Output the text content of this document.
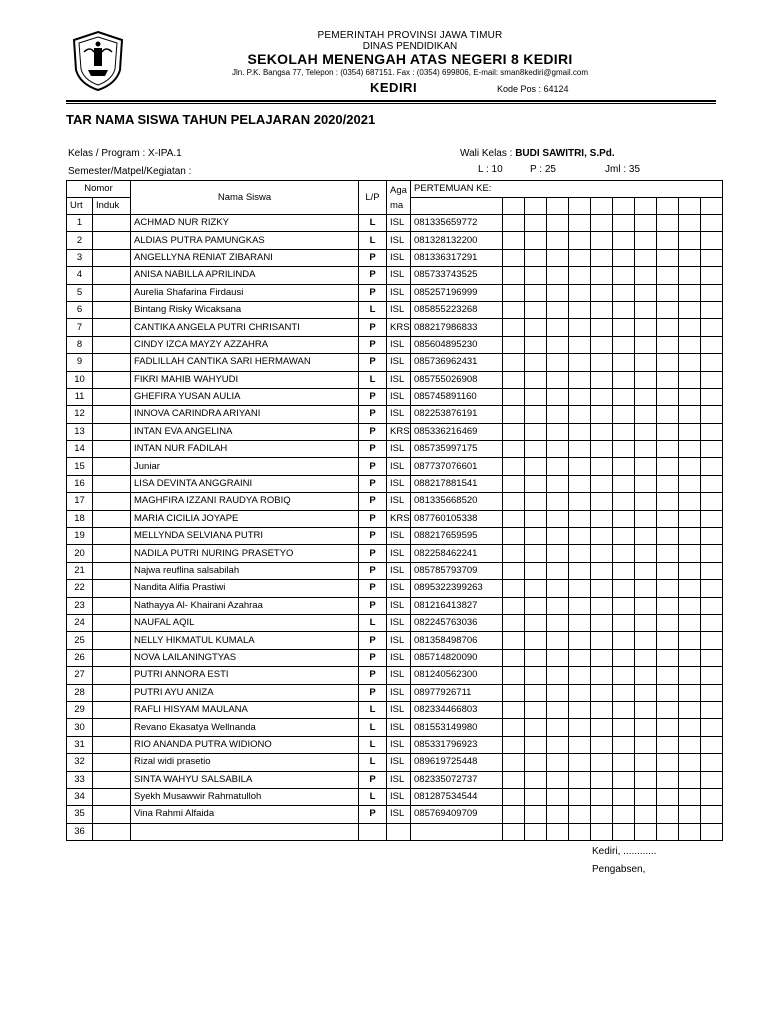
PEMERINTAH PROVINSI JAWA TIMUR
DINAS PENDIDIKAN
SEKOLAH MENENGAH ATAS NEGERI 8 KEDIRI
Jln. P.K. Bangsa 77, Telepon : (0354) 687151. Fax : (0354) 699806, E-mail: sman8kediri@gmail.com
KEDIRI	Kode Pos : 64124
TAR NAMA SISWA TAHUN PELAJARAN 2020/2021
Kelas / Program : X-IPA.1
Semester/Matpel/Kegiatan :
Wali Kelas : BUDI SAWITRI, S.Pd.
L : 10	P : 25	Jml : 35
Nomor		Nama Siswa	L/P	Aga
ma	PERTEMUAN KE:										
Urt	Induk														
1		ACHMAD NUR RIZKY	L	ISL	081335659772										
2		ALDIAS PUTRA PAMUNGKAS	L	ISL	081328132200										
3		ANGELLYNA RENIAT ZIBARANI	P	ISL	081336317291										
4		ANISA NABILLA APRILINDA	P	ISL	085733743525										
5		Aurelia Shafarina Firdausi	P	ISL	085257196999										
6		Bintang Risky Wicaksana	L	ISL	085855223268										
7		CANTIKA ANGELA PUTRI CHRISANTI	P	KRS	088217986833										
8		CINDY IZCA MAYZY AZZAHRA	P	ISL	085604895230										
9		FADLILLAH CANTIKA SARI HERMAWAN	P	ISL	085736962431										
10		FIKRI MAHIB WAHYUDI	L	ISL	085755026908										
11		GHEFIRA YUSAN AULIA	P	ISL	085745891160										
12		INNOVA CARINDRA ARIYANI	P	ISL	082253876191										
13		INTAN EVA ANGELINA	P	KRS	085336216469										
14		INTAN NUR FADILAH	P	ISL	085735997175										
15		Juniar	P	ISL	087737076601										
16		LISA DEVINTA ANGGRAINI	P	ISL	088217881541										
17		MAGHFIRA IZZANI RAUDYA ROBIQ	P	ISL	081335668520										
18		MARIA CICILIA JOYAPE	P	KRS	087760105338										
19		MELLYNDA SELVIANA PUTRI	P	ISL	088217659595										
20		NADILA PUTRI NURING PRASETYO	P	ISL	082258462241										
21		Najwa reuflina salsabilah	P	ISL	085785793709										
22		Nandita Alifia Prastiwi	P	ISL	0895322399263										
23		Nathayya Al- Khairani Azahraa	P	ISL	081216413827										
24		NAUFAL AQIL	L	ISL	082245763036										
25		NELLY HIKMATUL KUMALA	P	ISL	081358498706										
26		NOVA LAILANINGTYAS	P	ISL	085714820090										
27		PUTRI ANNORA ESTI	P	ISL	081240562300										
28		PUTRI AYU ANIZA	P	ISL	08977926711										
29		RAFLI HISYAM MAULANA	L	ISL	082334466803										
30		Revano Ekasatya Wellnanda	L	ISL	081553149980										
31		RIO ANANDA PUTRA WIDIONO	L	ISL	085331796923										
32		Rizal widi prasetio	L	ISL	089619725448										
33		SINTA WAHYU SALSABILA	P	ISL	082335072737										
34		Syekh Musawwir Rahmatulloh	L	ISL	081287534544										
35		Vina Rahmi Alfaida	P	ISL	085769409709										
36															
Kediri, ............
Pengabsen,
